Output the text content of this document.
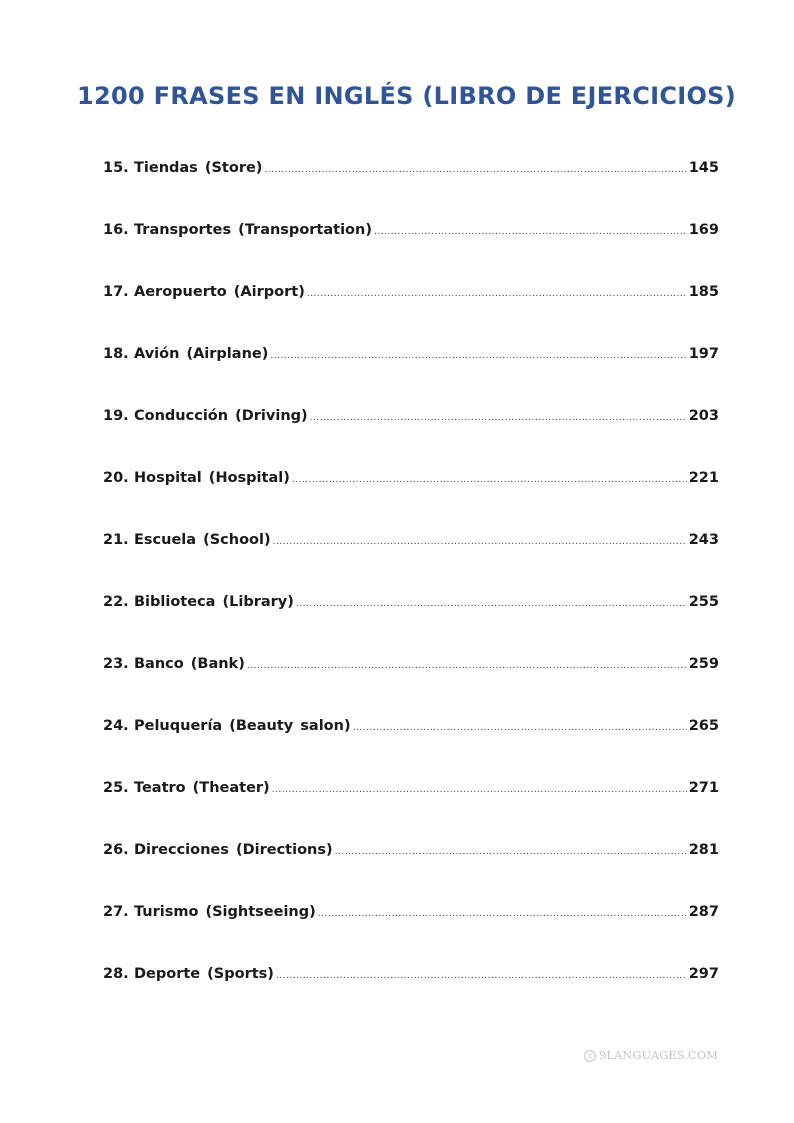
1200 FRASES EN INGLÉS (LIBRO DE EJERCICIOS)
15. Tiendas (Store) .....	145
16. Transportes (Transportation) .....	169
17. Aeropuerto (Airport) .....	185
18. Avión (Airplane) .....	197
19. Conducción (Driving) .....	203
20. Hospital (Hospital) .....	221
21. Escuela (School) .....	243
22. Biblioteca (Library) .....	255
23. Banco (Bank) .....	259
24. Peluquería (Beauty salon) .....	265
25. Teatro (Theater) .....	271
26. Direcciones (Directions) .....	281
27. Turismo (Sightseeing) .....	287
28. Deporte (Sports) .....	297
c 9LANGUAGES.COM
